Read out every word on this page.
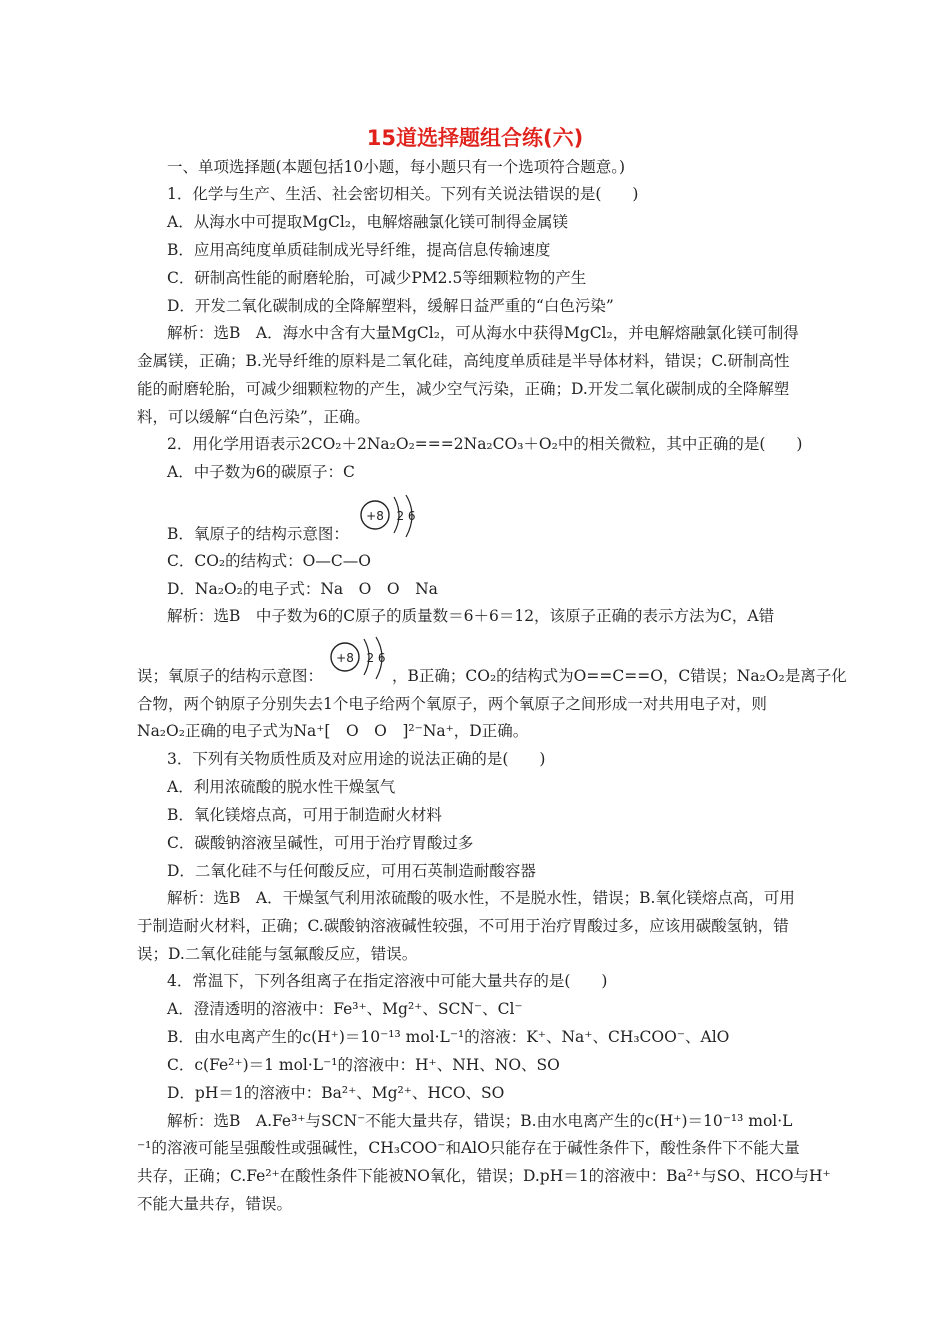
15道选择题组合练(六)
一、单项选择题(本题包括10小题，每小题只有一个选项符合题意。)
1．化学与生产、生活、社会密切相关。下列有关说法错误的是(　　)
A．从海水中可提取MgCl₂，电解熔融氯化镁可制得金属镁
B．应用高纯度单质硅制成光导纤维，提高信息传输速度
C．研制高性能的耐磨轮胎，可减少PM2.5等细颗粒物的产生
D．开发二氧化碳制成的全降解塑料，缓解日益严重的“白色污染”
解析：选B　A．海水中含有大量MgCl₂，可从海水中获得MgCl₂，并电解熔融氯化镁可制得
金属镁，正确；B.光导纤维的原料是二氧化硅，高纯度单质硅是半导体材料，错误；C.研制高性
能的耐磨轮胎，可减少细颗粒物的产生，减少空气污染，正确；D.开发二氧化碳制成的全降解塑
料，可以缓解“白色污染”，正确。
2．用化学用语表示2CO₂＋2Na₂O₂===2Na₂CO₃＋O₂中的相关微粒，其中正确的是(　　)
A．中子数为6的碳原子：C
+8 2 6
B．氧原子的结构示意图：
C．CO₂的结构式：O—C—O
D．Na₂O₂的电子式：Na　O　O　Na
解析：选B　中子数为6的C原子的质量数＝6＋6＝12，该原子正确的表示方法为C，A错
误；氧原子的结构示意图：
+8 2 6
，B正确；CO₂的结构式为O==C==O，C错误；Na₂O₂是离子化
合物，两个钠原子分别失去1个电子给两个氧原子，两个氧原子之间形成一对共用电子对，则
Na₂O₂正确的电子式为Na⁺[　O　O　]²⁻Na⁺，D正确。
3．下列有关物质性质及对应用途的说法正确的是(　　)
A．利用浓硫酸的脱水性干燥氢气
B．氧化镁熔点高，可用于制造耐火材料
C．碳酸钠溶液呈碱性，可用于治疗胃酸过多
D．二氧化硅不与任何酸反应，可用石英制造耐酸容器
解析：选B　A．干燥氢气利用浓硫酸的吸水性，不是脱水性，错误；B.氧化镁熔点高，可用
于制造耐火材料，正确；C.碳酸钠溶液碱性较强，不可用于治疗胃酸过多，应该用碳酸氢钠，错
误；D.二氧化硅能与氢氟酸反应，错误。
4．常温下，下列各组离子在指定溶液中可能大量共存的是(　　)
A．澄清透明的溶液中：Fe³⁺、Mg²⁺、SCN⁻、Cl⁻
B．由水电离产生的c(H⁺)＝10⁻¹³ mol·L⁻¹的溶液：K⁺、Na⁺、CH₃COO⁻、AlO
C．c(Fe²⁺)＝1 mol·L⁻¹的溶液中：H⁺、NH、NO、SO
D．pH＝1的溶液中：Ba²⁺、Mg²⁺、HCO、SO
解析：选B　A.Fe³⁺与SCN⁻不能大量共存，错误；B.由水电离产生的c(H⁺)＝10⁻¹³ mol·L
⁻¹的溶液可能呈强酸性或强碱性，CH₃COO⁻和AlO只能存在于碱性条件下，酸性条件下不能大量
共存，正确；C.Fe²⁺在酸性条件下能被NO氧化，错误；D.pH＝1的溶液中：Ba²⁺与SO、HCO与H⁺
不能大量共存，错误。
